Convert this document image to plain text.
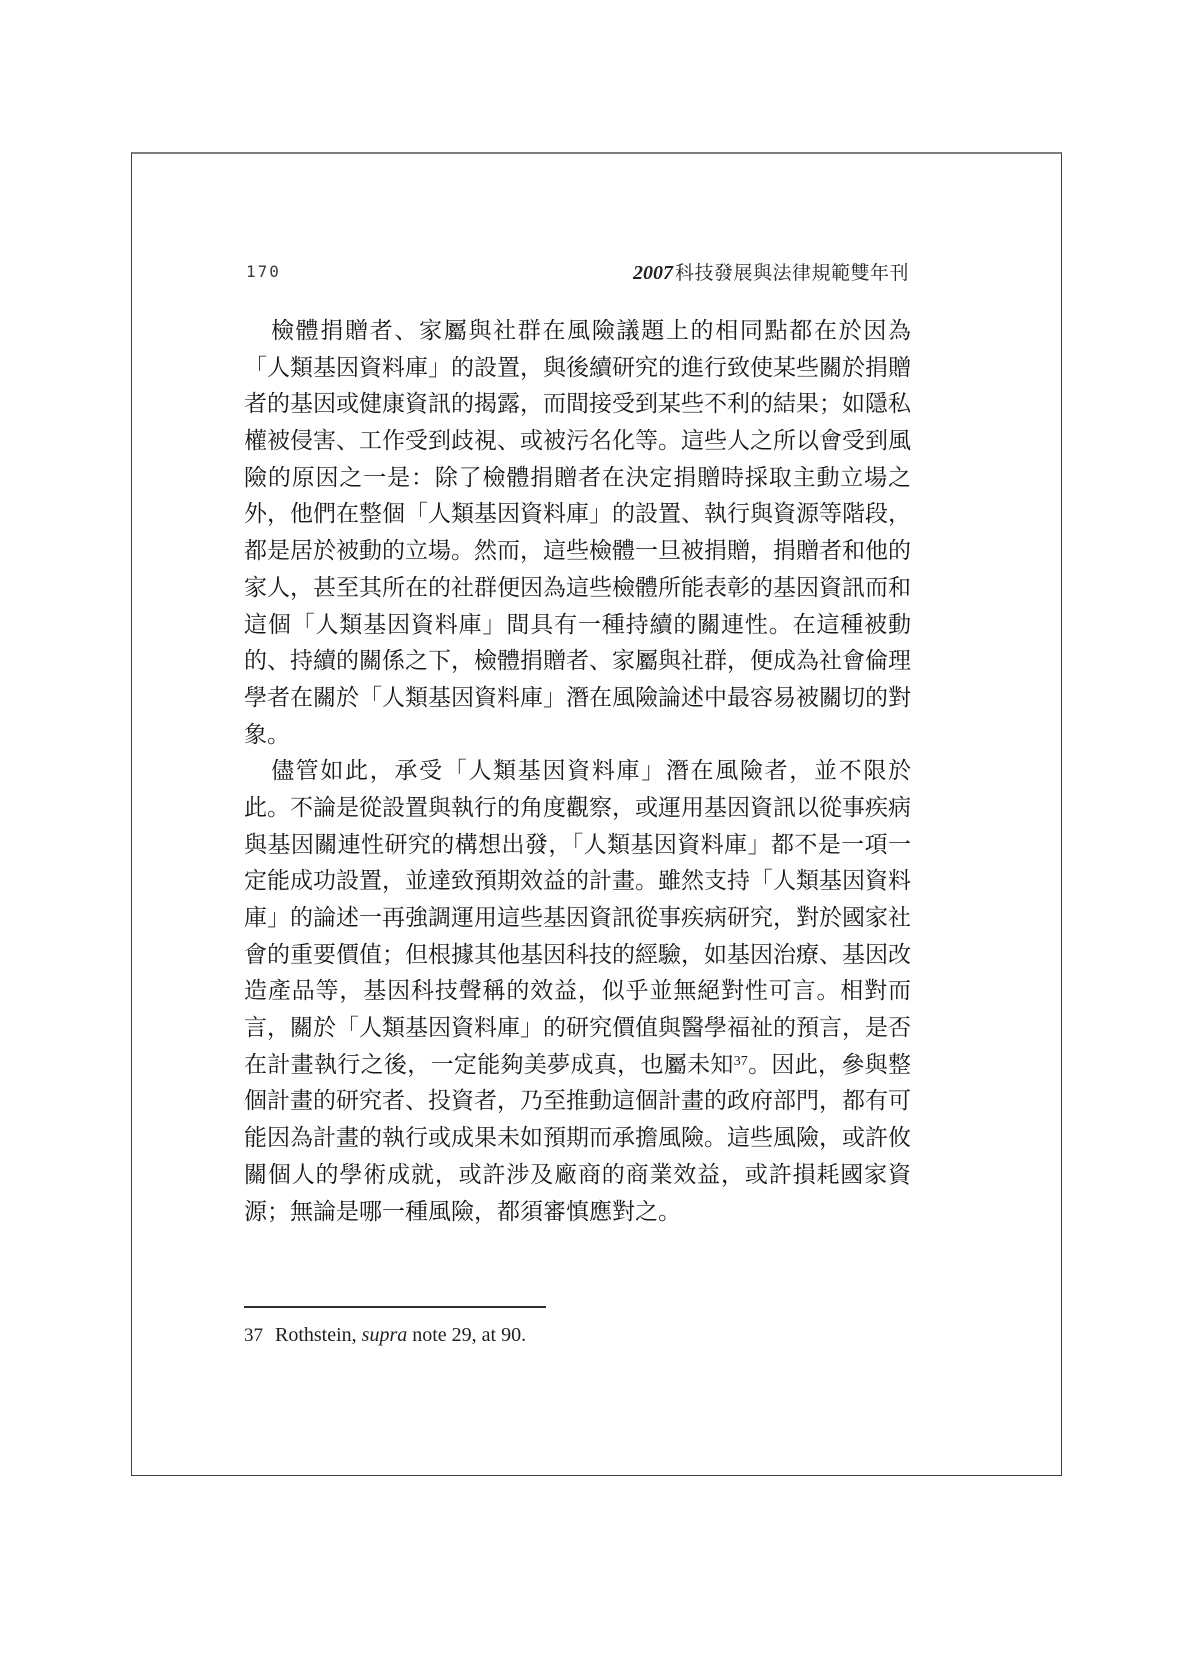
170	2007 科技發展與法律規範雙年刊
檢體捐贈者、家屬與社群在風險議題上的相同點都在於因為
「人類基因資料庫」的設置，與後續研究的進行致使某些關於捐贈
者的基因或健康資訊的揭露，而間接受到某些不利的結果；如隱私
權被侵害、工作受到歧視、或被污名化等。這些人之所以會受到風
險的原因之一是：除了檢體捐贈者在決定捐贈時採取主動立場之
外，他們在整個「人類基因資料庫」的設置、執行與資源等階段，
都是居於被動的立場。然而，這些檢體一旦被捐贈，捐贈者和他的
家人，甚至其所在的社群便因為這些檢體所能表彰的基因資訊而和
這個「人類基因資料庫」間具有一種持續的關連性。在這種被動
的、持續的關係之下，檢體捐贈者、家屬與社群，便成為社會倫理
學者在關於「人類基因資料庫」潛在風險論述中最容易被關切的對
象。
儘管如此，承受「人類基因資料庫」潛在風險者，並不限於
此。不論是從設置與執行的角度觀察，或運用基因資訊以從事疾病
與基因關連性研究的構想出發，「人類基因資料庫」都不是一項一
定能成功設置，並達致預期效益的計畫。雖然支持「人類基因資料
庫」的論述一再強調運用這些基因資訊從事疾病研究，對於國家社
會的重要價值；但根據其他基因科技的經驗，如基因治療、基因改
造產品等，基因科技聲稱的效益，似乎並無絕對性可言。相對而
言，關於「人類基因資料庫」的研究價值與醫學福祉的預言，是否
在計畫執行之後，一定能夠美夢成真，也屬未知$^{37}$。因此，參與整
個計畫的研究者、投資者，乃至推動這個計畫的政府部門，都有可
能因為計畫的執行或成果未如預期而承擔風險。這些風險，或許攸
關個人的學術成就，或許涉及廠商的商業效益，或許損耗國家資
源；無論是哪一種風險，都須審慎應對之。
37 Rothstein, supra note 29, at 90.
